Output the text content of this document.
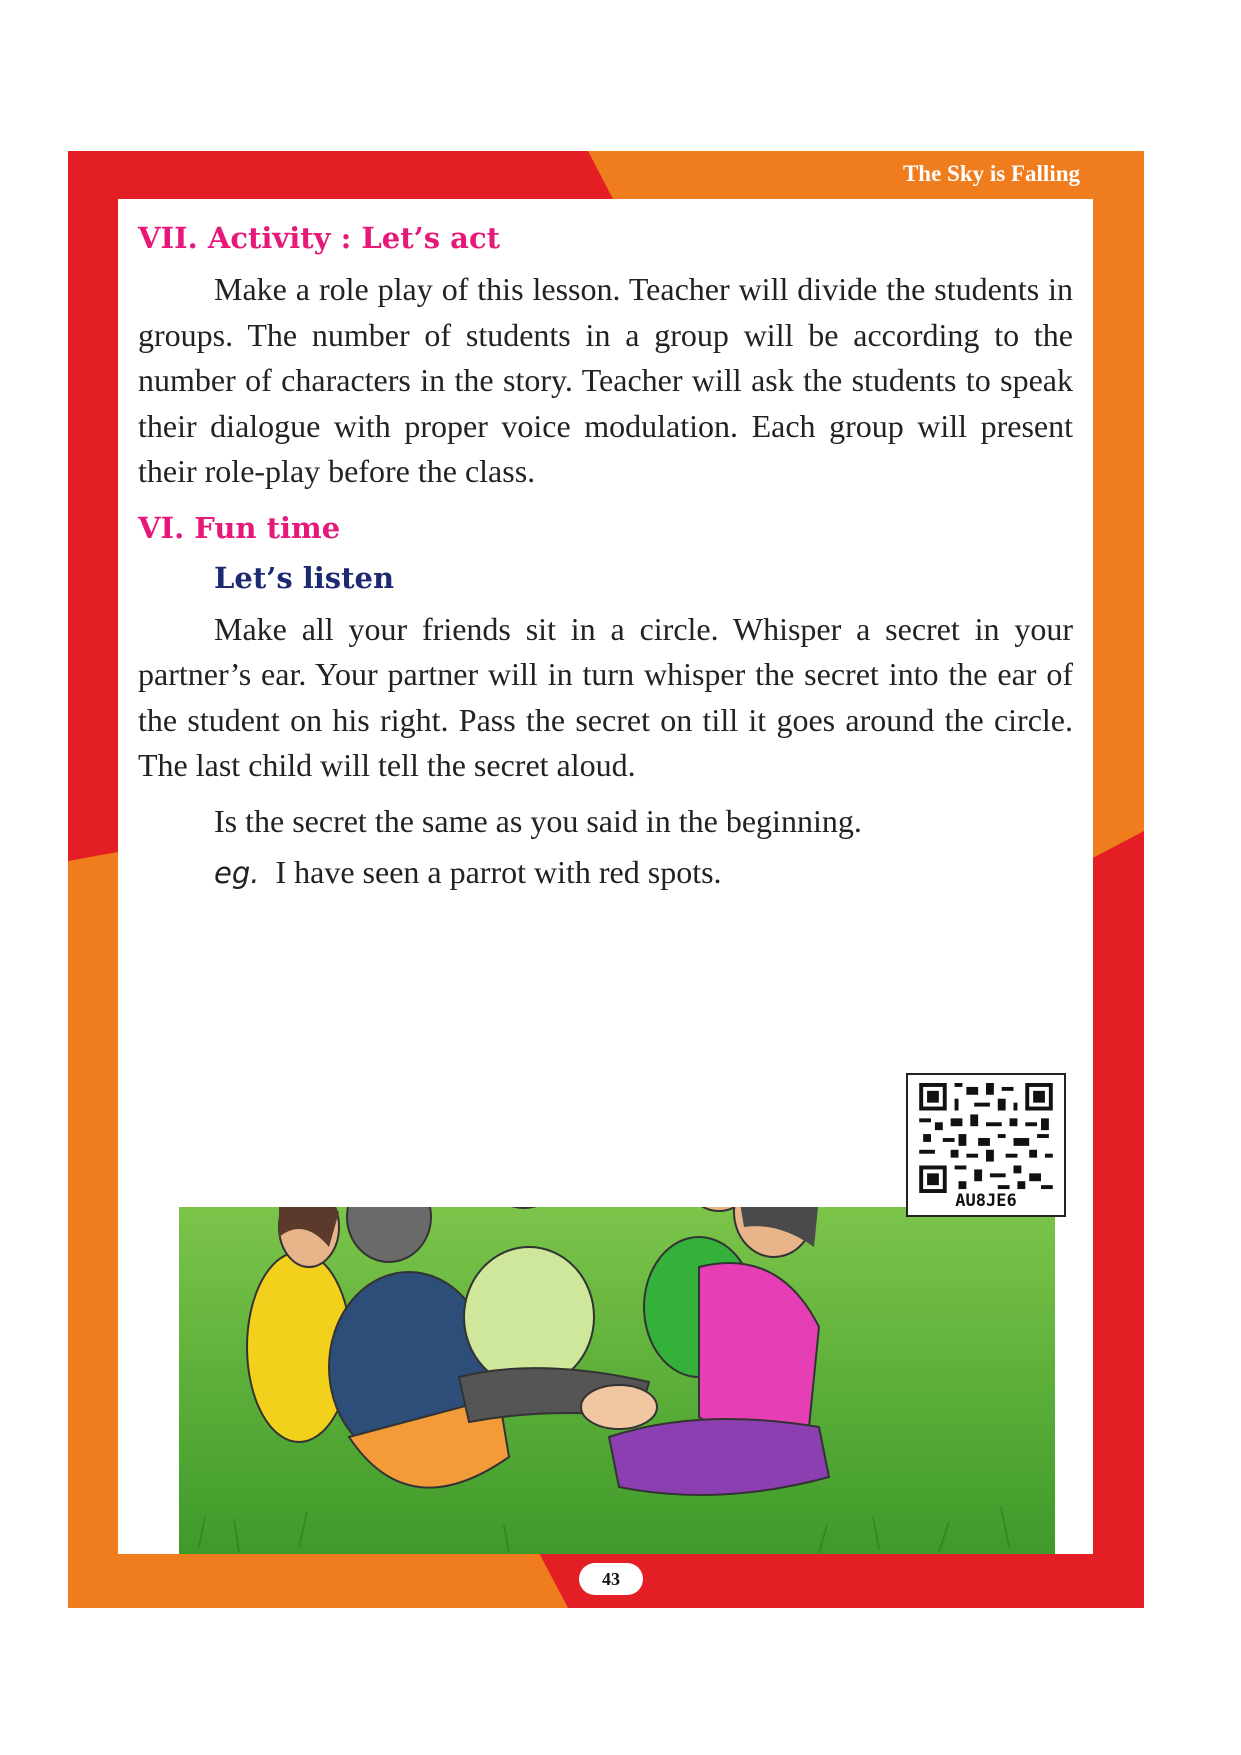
The Sky is Falling

VII. Activity : Let’s act

Make a role play of this lesson. Teacher will divide the students in groups. The number of students in a group will be according to the number of characters in the story. Teacher will ask the students to speak their dialogue with proper voice modulation. Each group will present their role-play before the class.

VI. Fun time

Let’s listen

Make all your friends sit in a circle. Whisper a secret in your partner’s ear. Your partner will in turn whisper the secret into the ear of the student on his right. Pass the secret on till it goes around the circle. The last child will tell the secret aloud.

Is the secret the same as you said in the beginning.

eg. I have seen a parrot with red spots.

AU8JE6
43
